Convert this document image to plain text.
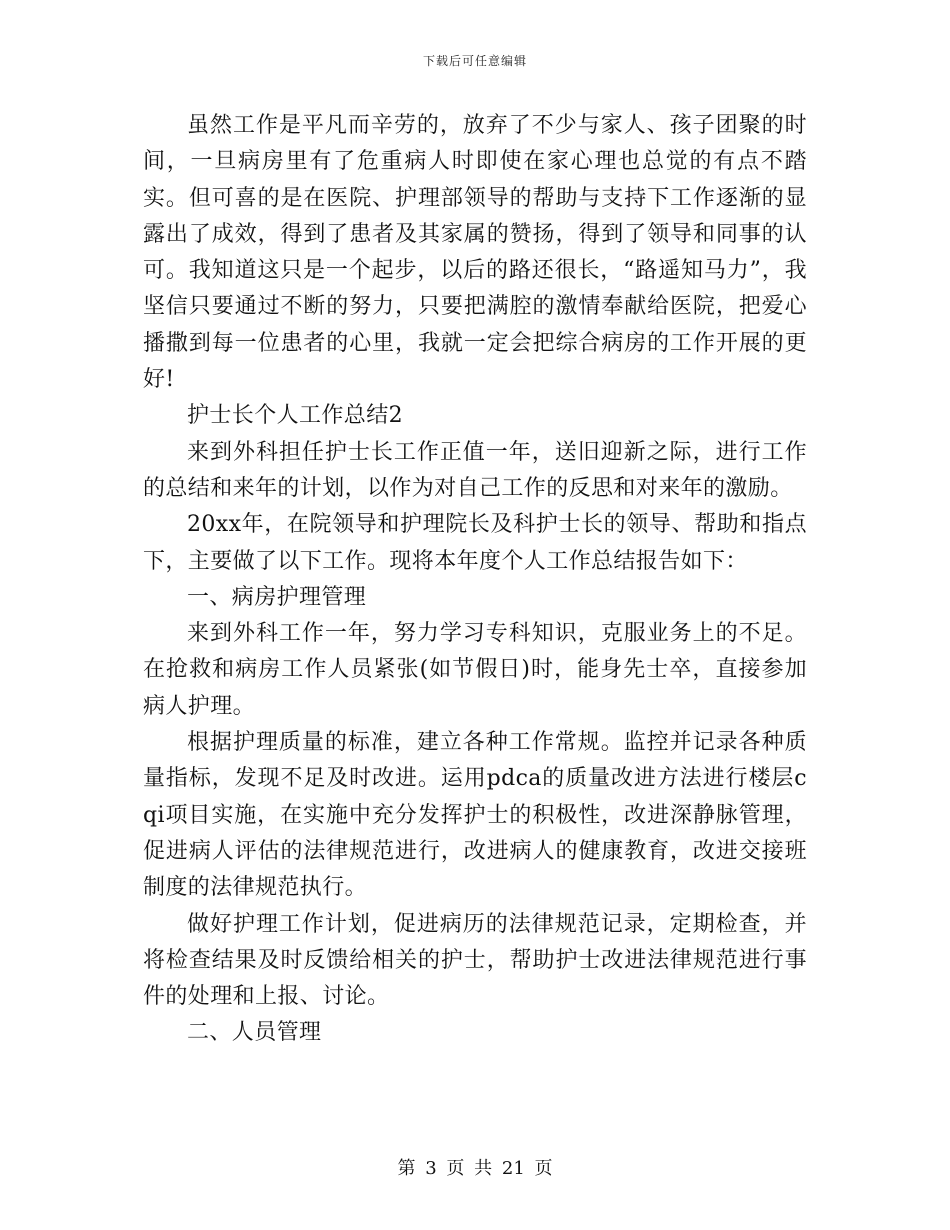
下载后可任意编辑

虽然工作是平凡而辛劳的，放弃了不少与家人、孩子团聚的时间，一旦病房里有了危重病人时即使在家心理也总觉的有点不踏实。但可喜的是在医院、护理部领导的帮助与支持下工作逐渐的显露出了成效，得到了患者及其家属的赞扬，得到了领导和同事的认可。我知道这只是一个起步，以后的路还很长，“路遥知马力”，我坚信只要通过不断的努力，只要把满腔的激情奉献给医院，把爱心播撒到每一位患者的心里，我就一定会把综合病房的工作开展的更好!

护士长个人工作总结2

来到外科担任护士长工作正值一年，送旧迎新之际，进行工作的总结和来年的计划，以作为对自己工作的反思和对来年的激励。

20xx年，在院领导和护理院长及科护士长的领导、帮助和指点下，主要做了以下工作。现将本年度个人工作总结报告如下：

一、病房护理管理

来到外科工作一年，努力学习专科知识，克服业务上的不足。在抢救和病房工作人员紧张(如节假日)时，能身先士卒，直接参加病人护理。

根据护理质量的标准，建立各种工作常规。监控并记录各种质量指标，发现不足及时改进。运用pdca的质量改进方法进行楼层cqi项目实施，在实施中充分发挥护士的积极性，改进深静脉管理，促进病人评估的法律规范进行，改进病人的健康教育，改进交接班制度的法律规范执行。

做好护理工作计划，促进病历的法律规范记录，定期检查，并将检查结果及时反馈给相关的护士，帮助护士改进法律规范进行事件的处理和上报、讨论。

二、人员管理

第 3 页 共 21 页
